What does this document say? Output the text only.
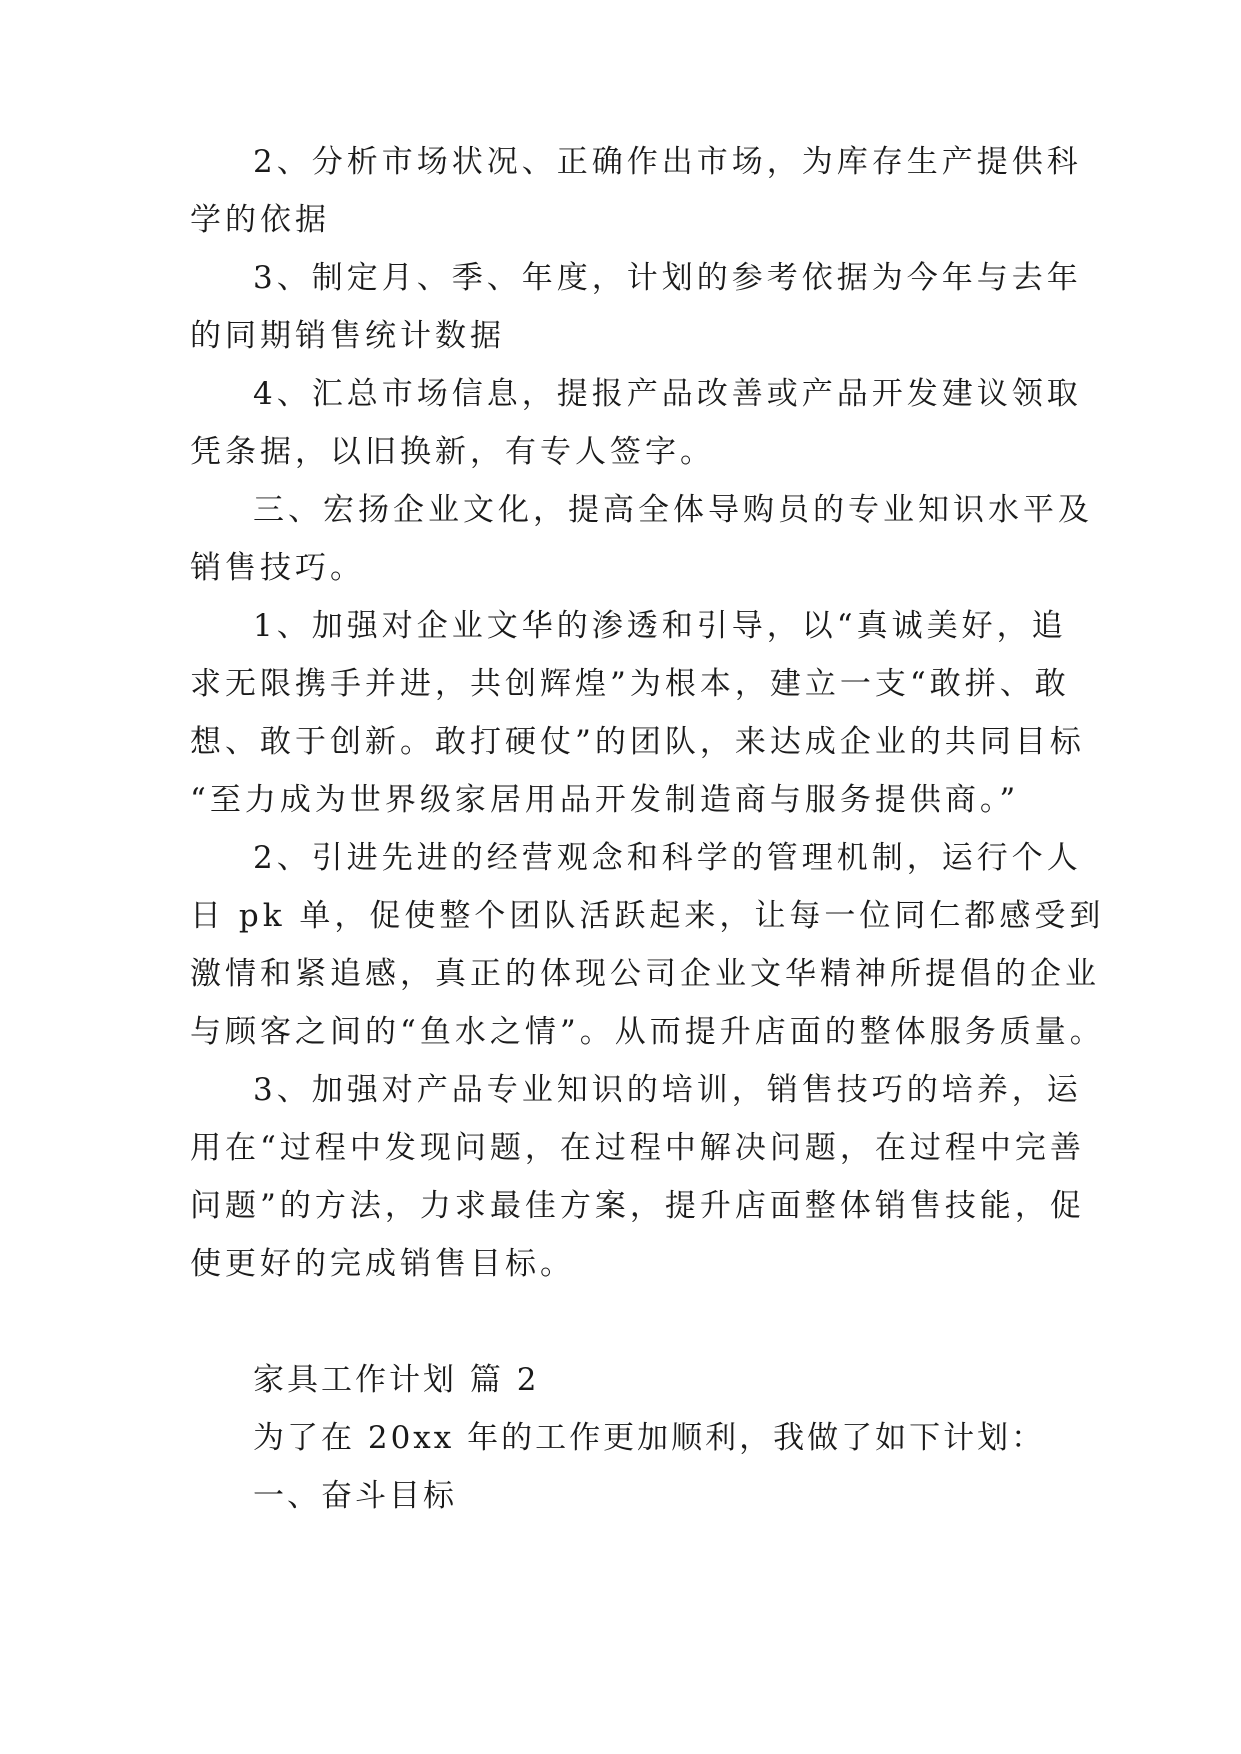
2、分析市场状况、正确作出市场，为库存生产提供科
学的依据
3、制定月、季、年度，计划的参考依据为今年与去年
的同期销售统计数据
4、汇总市场信息，提报产品改善或产品开发建议领取
凭条据，以旧换新，有专人签字。
三、宏扬企业文化，提高全体导购员的专业知识水平及
销售技巧。
1、加强对企业文华的渗透和引导，以“真诚美好，追
求无限携手并进，共创辉煌”为根本，建立一支“敢拼、敢
想、敢于创新。敢打硬仗”的团队，来达成企业的共同目标
“至力成为世界级家居用品开发制造商与服务提供商。”
2、引进先进的经营观念和科学的管理机制，运行个人
日 pk 单，促使整个团队活跃起来，让每一位同仁都感受到
激情和紧追感，真正的体现公司企业文华精神所提倡的企业
与顾客之间的“鱼水之情”。从而提升店面的整体服务质量。
3、加强对产品专业知识的培训，销售技巧的培养，运
用在“过程中发现问题，在过程中解决问题，在过程中完善
问题”的方法，力求最佳方案，提升店面整体销售技能，促
使更好的完成销售目标。
家具工作计划 篇 2
为了在 20xx 年的工作更加顺利，我做了如下计划：
一、奋斗目标
